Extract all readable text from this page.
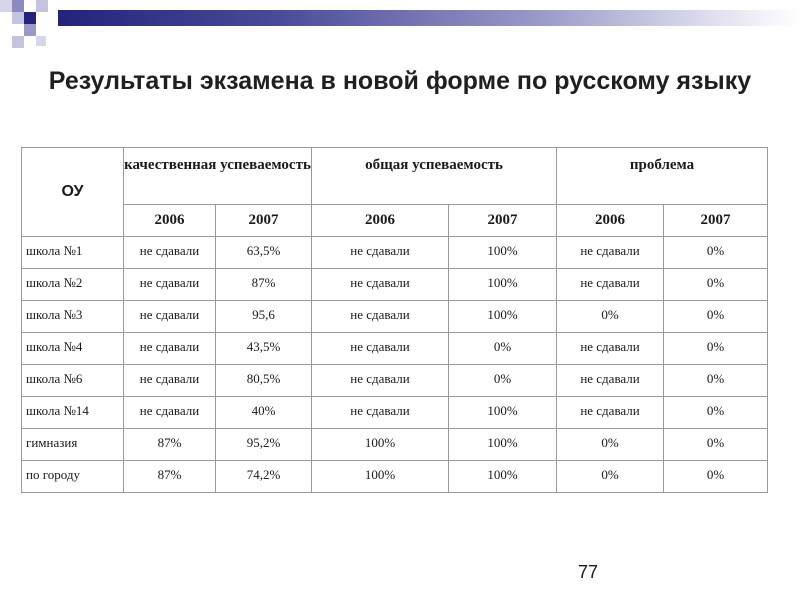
Результаты экзамена в новой форме по русскому языку
ОУ	качественная успеваемость		общая успеваемость		проблема	
	2006	2007	2006	2007	2006	2007
школа №1	не сдавали	63,5%	не сдавали	100%	не сдавали	0%
школа №2	не сдавали	87%	не сдавали	100%	не сдавали	0%
школа №3	не сдавали	95,6	не сдавали	100%	0%	0%
школа №4	не сдавали	43,5%	не сдавали	0%	не сдавали	0%
школа №6	не сдавали	80,5%	не сдавали	0%	не сдавали	0%
школа №14	не сдавали	40%	не сдавали	100%	не сдавали	0%
гимназия	87%	95,2%	100%	100%	0%	0%
по городу	87%	74,2%	100%	100%	0%	0%
77
